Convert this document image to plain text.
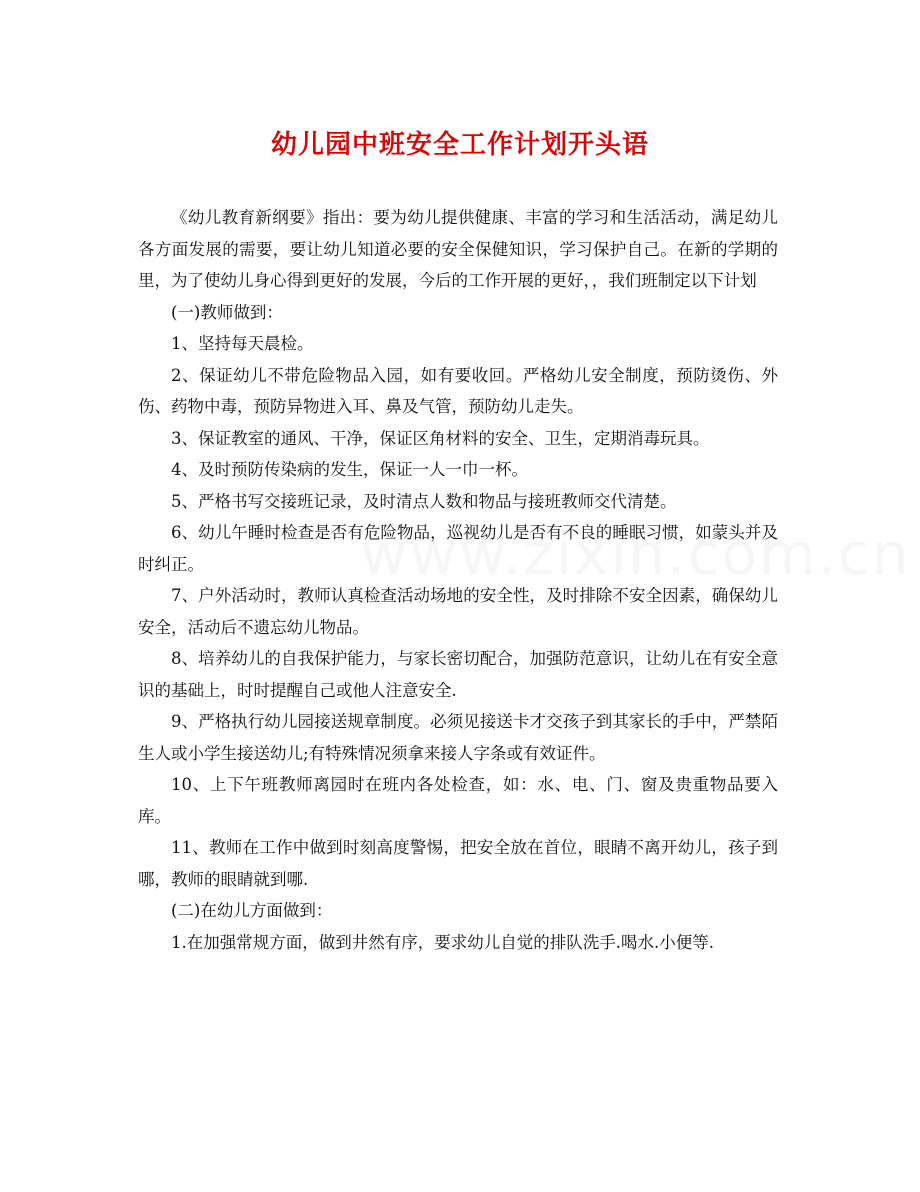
幼儿园中班安全工作计划开头语

《幼儿教育新纲要》指出：要为幼儿提供健康、丰富的学习和生活活动，满足幼儿各方面发展的需要，要让幼儿知道必要的安全保健知识，学习保护自己。在新的学期的里，为了使幼儿身心得到更好的发展，今后的工作开展的更好，，我们班制定以下计划

(一)教师做到：

1、坚持每天晨检。

2、保证幼儿不带危险物品入园，如有要收回。严格幼儿安全制度，预防烫伤、外伤、药物中毒，预防异物进入耳、鼻及气管，预防幼儿走失。

3、保证教室的通风、干净，保证区角材料的安全、卫生，定期消毒玩具。

4、及时预防传染病的发生，保证一人一巾一杯。

5、严格书写交接班记录，及时清点人数和物品与接班教师交代清楚。

6、幼儿午睡时检查是否有危险物品，巡视幼儿是否有不良的睡眠习惯，如蒙头并及时纠正。

7、户外活动时，教师认真检查活动场地的安全性，及时排除不安全因素，确保幼儿安全，活动后不遗忘幼儿物品。

8、培养幼儿的自我保护能力，与家长密切配合，加强防范意识，让幼儿在有安全意识的基础上，时时提醒自己或他人注意安全.

9、严格执行幼儿园接送规章制度。必须见接送卡才交孩子到其家长的手中，严禁陌生人或小学生接送幼儿;有特殊情况须拿来接人字条或有效证件。

10、上下午班教师离园时在班内各处检查，如：水、电、门、窗及贵重物品要入库。

11、教师在工作中做到时刻高度警惕，把安全放在首位，眼睛不离开幼儿，孩子到哪，教师的眼睛就到哪.

(二)在幼儿方面做到：

1.在加强常规方面，做到井然有序，要求幼儿自觉的排队洗手.喝水.小便等.
